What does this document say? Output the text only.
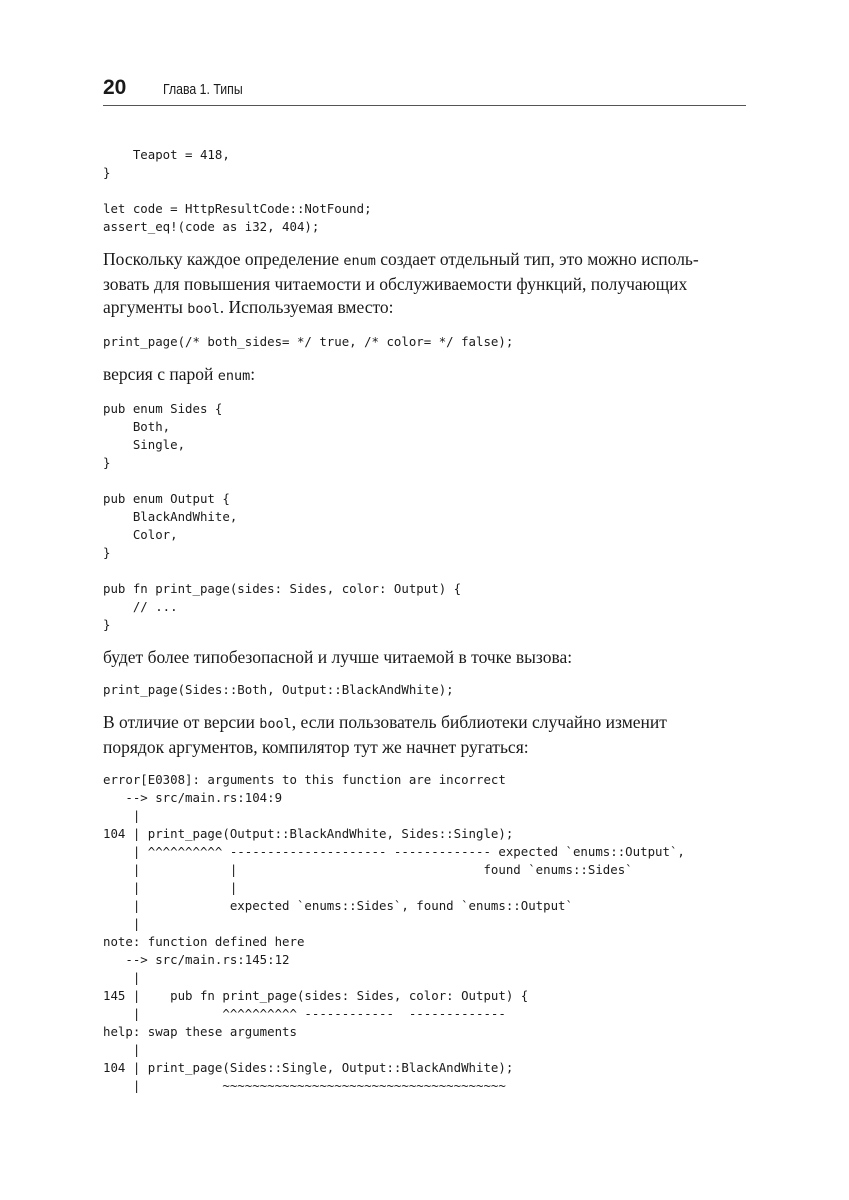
20 Глава 1. Типы
Teapot = 418,
}

let code = HttpResultCode::NotFound;
assert_eq!(code as i32, 404);

Поскольку каждое определение enum создает отдельный тип, это можно исполь-
зовать для повышения читаемости и обслуживаемости функций, получающих
аргументы bool. Используемая вместо:

print_page(/* both_sides= */ true, /* color= */ false);

версия с парой enum:

pub enum Sides {
Both,
Single,
}

pub enum Output {
BlackAndWhite,
Color,
}

pub fn print_page(sides: Sides, color: Output) {
// ...
}

будет более типобезопасной и лучше читаемой в точке вызова:

print_page(Sides::Both, Output::BlackAndWhite);

В отличие от версии bool, если пользователь библиотеки случайно изменит
порядок аргументов, компилятор тут же начнет ругаться:

error[E0308]: arguments to this function are incorrect
--> src/main.rs:104:9
|
104 | print_page(Output::BlackAndWhite, Sides::Single);
| ^^^^^^^^^^ --------------------- ------------- expected `enums::Output`,
|            |                                 found `enums::Sides`
|            |
|            expected `enums::Sides`, found `enums::Output`
|
note: function defined here
--> src/main.rs:145:12
|
145 |    pub fn print_page(sides: Sides, color: Output) {
|           ^^^^^^^^^^ ------------  -------------
help: swap these arguments
|
104 | print_page(Sides::Single, Output::BlackAndWhite);
|           ~~~~~~~~~~~~~~~~~~~~~~~~~~~~~~~~~~~~~~
